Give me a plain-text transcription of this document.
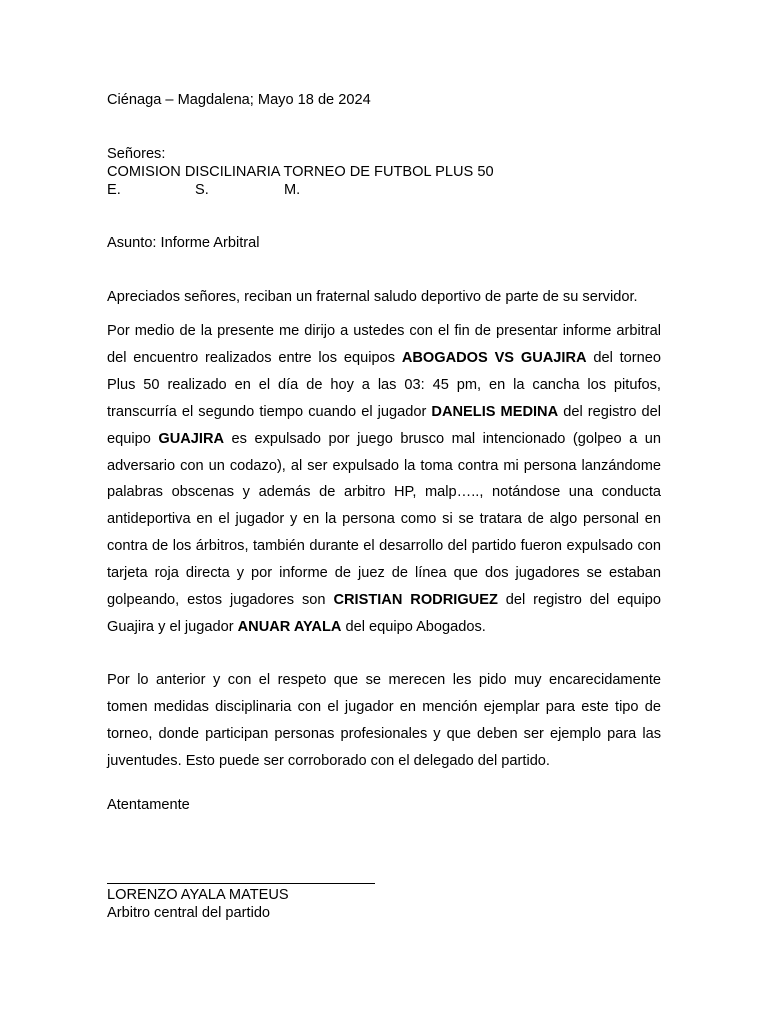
Ciénaga – Magdalena; Mayo 18 de 2024
Señores:
COMISION DISCILINARIA TORNEO DE FUTBOL PLUS 50
E.	S.	M.
Asunto: Informe Arbitral
Apreciados señores, reciban un fraternal saludo deportivo de parte de su servidor.

Por medio de la presente me dirijo a ustedes con el fin de presentar informe arbitral del encuentro realizados entre los equipos ABOGADOS VS GUAJIRA del torneo Plus 50 realizado en el día de hoy a las 03: 45 pm, en la cancha los pitufos, transcurría el segundo tiempo cuando el jugador DANELIS MEDINA del registro del equipo GUAJIRA es expulsado por juego brusco mal intencionado (golpeo a un adversario con un codazo), al ser expulsado la toma contra mi persona lanzándome palabras obscenas y además de arbitro HP, malp….., notándose una conducta antideportiva en el jugador y en la persona como si se tratara de algo personal en contra de los árbitros, también durante el desarrollo del partido fueron expulsado con tarjeta roja directa y por informe de juez de línea que dos jugadores se estaban golpeando, estos jugadores son CRISTIAN RODRIGUEZ del registro del equipo Guajira y el jugador ANUAR AYALA del equipo Abogados.

Por lo anterior y con el respeto que se merecen les pido muy encarecidamente tomen medidas disciplinaria con el jugador en mención ejemplar para este tipo de torneo, donde participan personas profesionales y que deben ser ejemplo para las juventudes. Esto puede ser corroborado con el delegado del partido.

Atentamente
LORENZO AYALA MATEUS
Arbitro central del partido
